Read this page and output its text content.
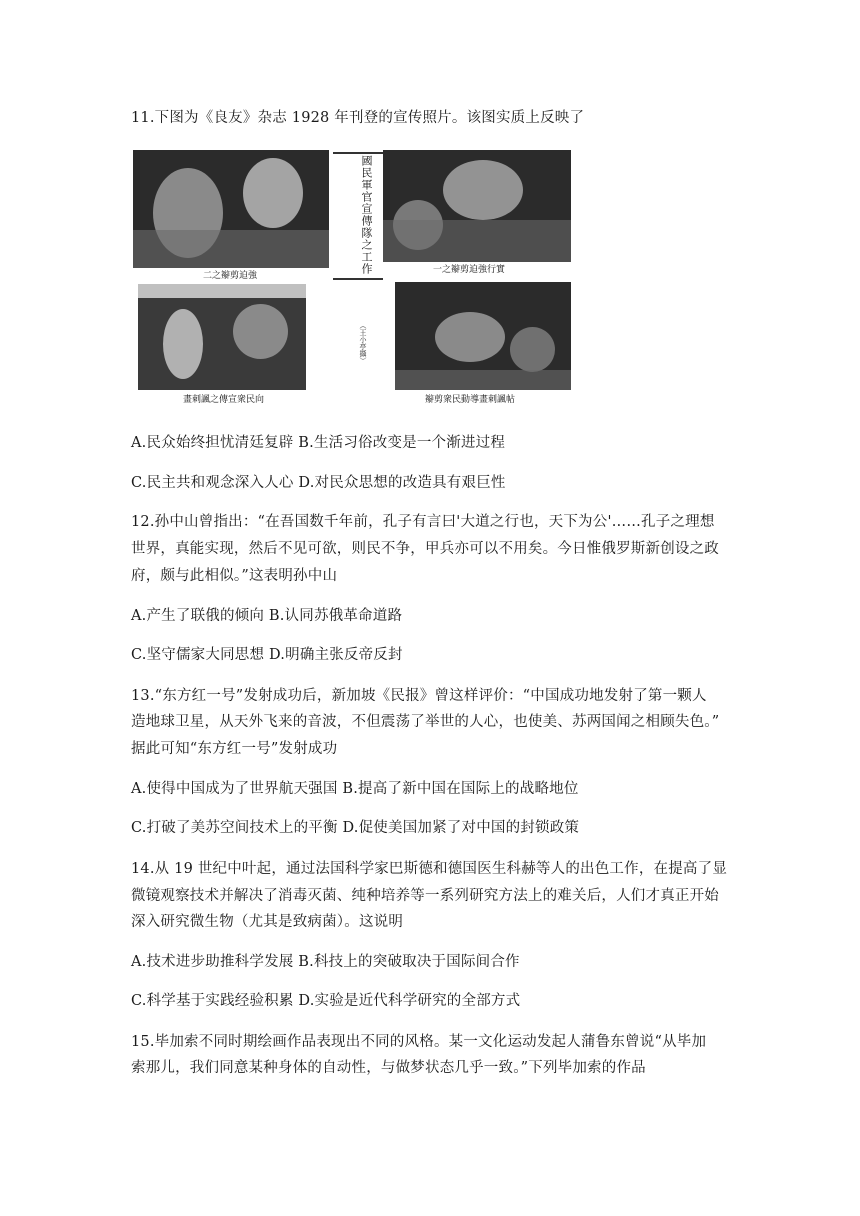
11.下图为《良友》杂志 1928 年刊登的宣传照片。该图实质上反映了
二之辮剪迫強
國民軍官宣傳隊之工作
（王小亭攝）
一之辮剪迫強行實
畫刺諷之傳宣衆民向	辮剪衆民動導畫刺諷帖
A.民众始终担忧清廷复辟 B.生活习俗改变是一个渐进过程
C.民主共和观念深入人心 D.对民众思想的改造具有艰巨性
12.孙中山曾指出：“在吾国数千年前，孔子有言曰'大道之行也，天下为公'……孔子之理想
世界，真能实现，然后不见可欲，则民不争，甲兵亦可以不用矣。今日惟俄罗斯新创设之政
府，颇与此相似。”这表明孙中山
A.产生了联俄的倾向 B.认同苏俄革命道路
C.坚守儒家大同思想 D.明确主张反帝反封
13.“东方红一号”发射成功后，新加坡《民报》曾这样评价：“中国成功地发射了第一颗人
造地球卫星，从天外飞来的音波，不但震荡了举世的人心，也使美、苏两国闻之相顾失色。”
据此可知“东方红一号”发射成功
A.使得中国成为了世界航天强国 B.提高了新中国在国际上的战略地位
C.打破了美苏空间技术上的平衡 D.促使美国加紧了对中国的封锁政策
14.从 19 世纪中叶起，通过法国科学家巴斯德和德国医生科赫等人的出色工作，在提高了显
微镜观察技术并解决了消毒灭菌、纯种培养等一系列研究方法上的难关后，人们才真正开始
深入研究微生物（尤其是致病菌）。这说明
A.技术进步助推科学发展 B.科技上的突破取决于国际间合作
C.科学基于实践经验积累 D.实验是近代科学研究的全部方式
15.毕加索不同时期绘画作品表现出不同的风格。某一文化运动发起人蒲鲁东曾说“从毕加
索那儿，我们同意某种身体的自动性，与做梦状态几乎一致。”下列毕加索的作品
